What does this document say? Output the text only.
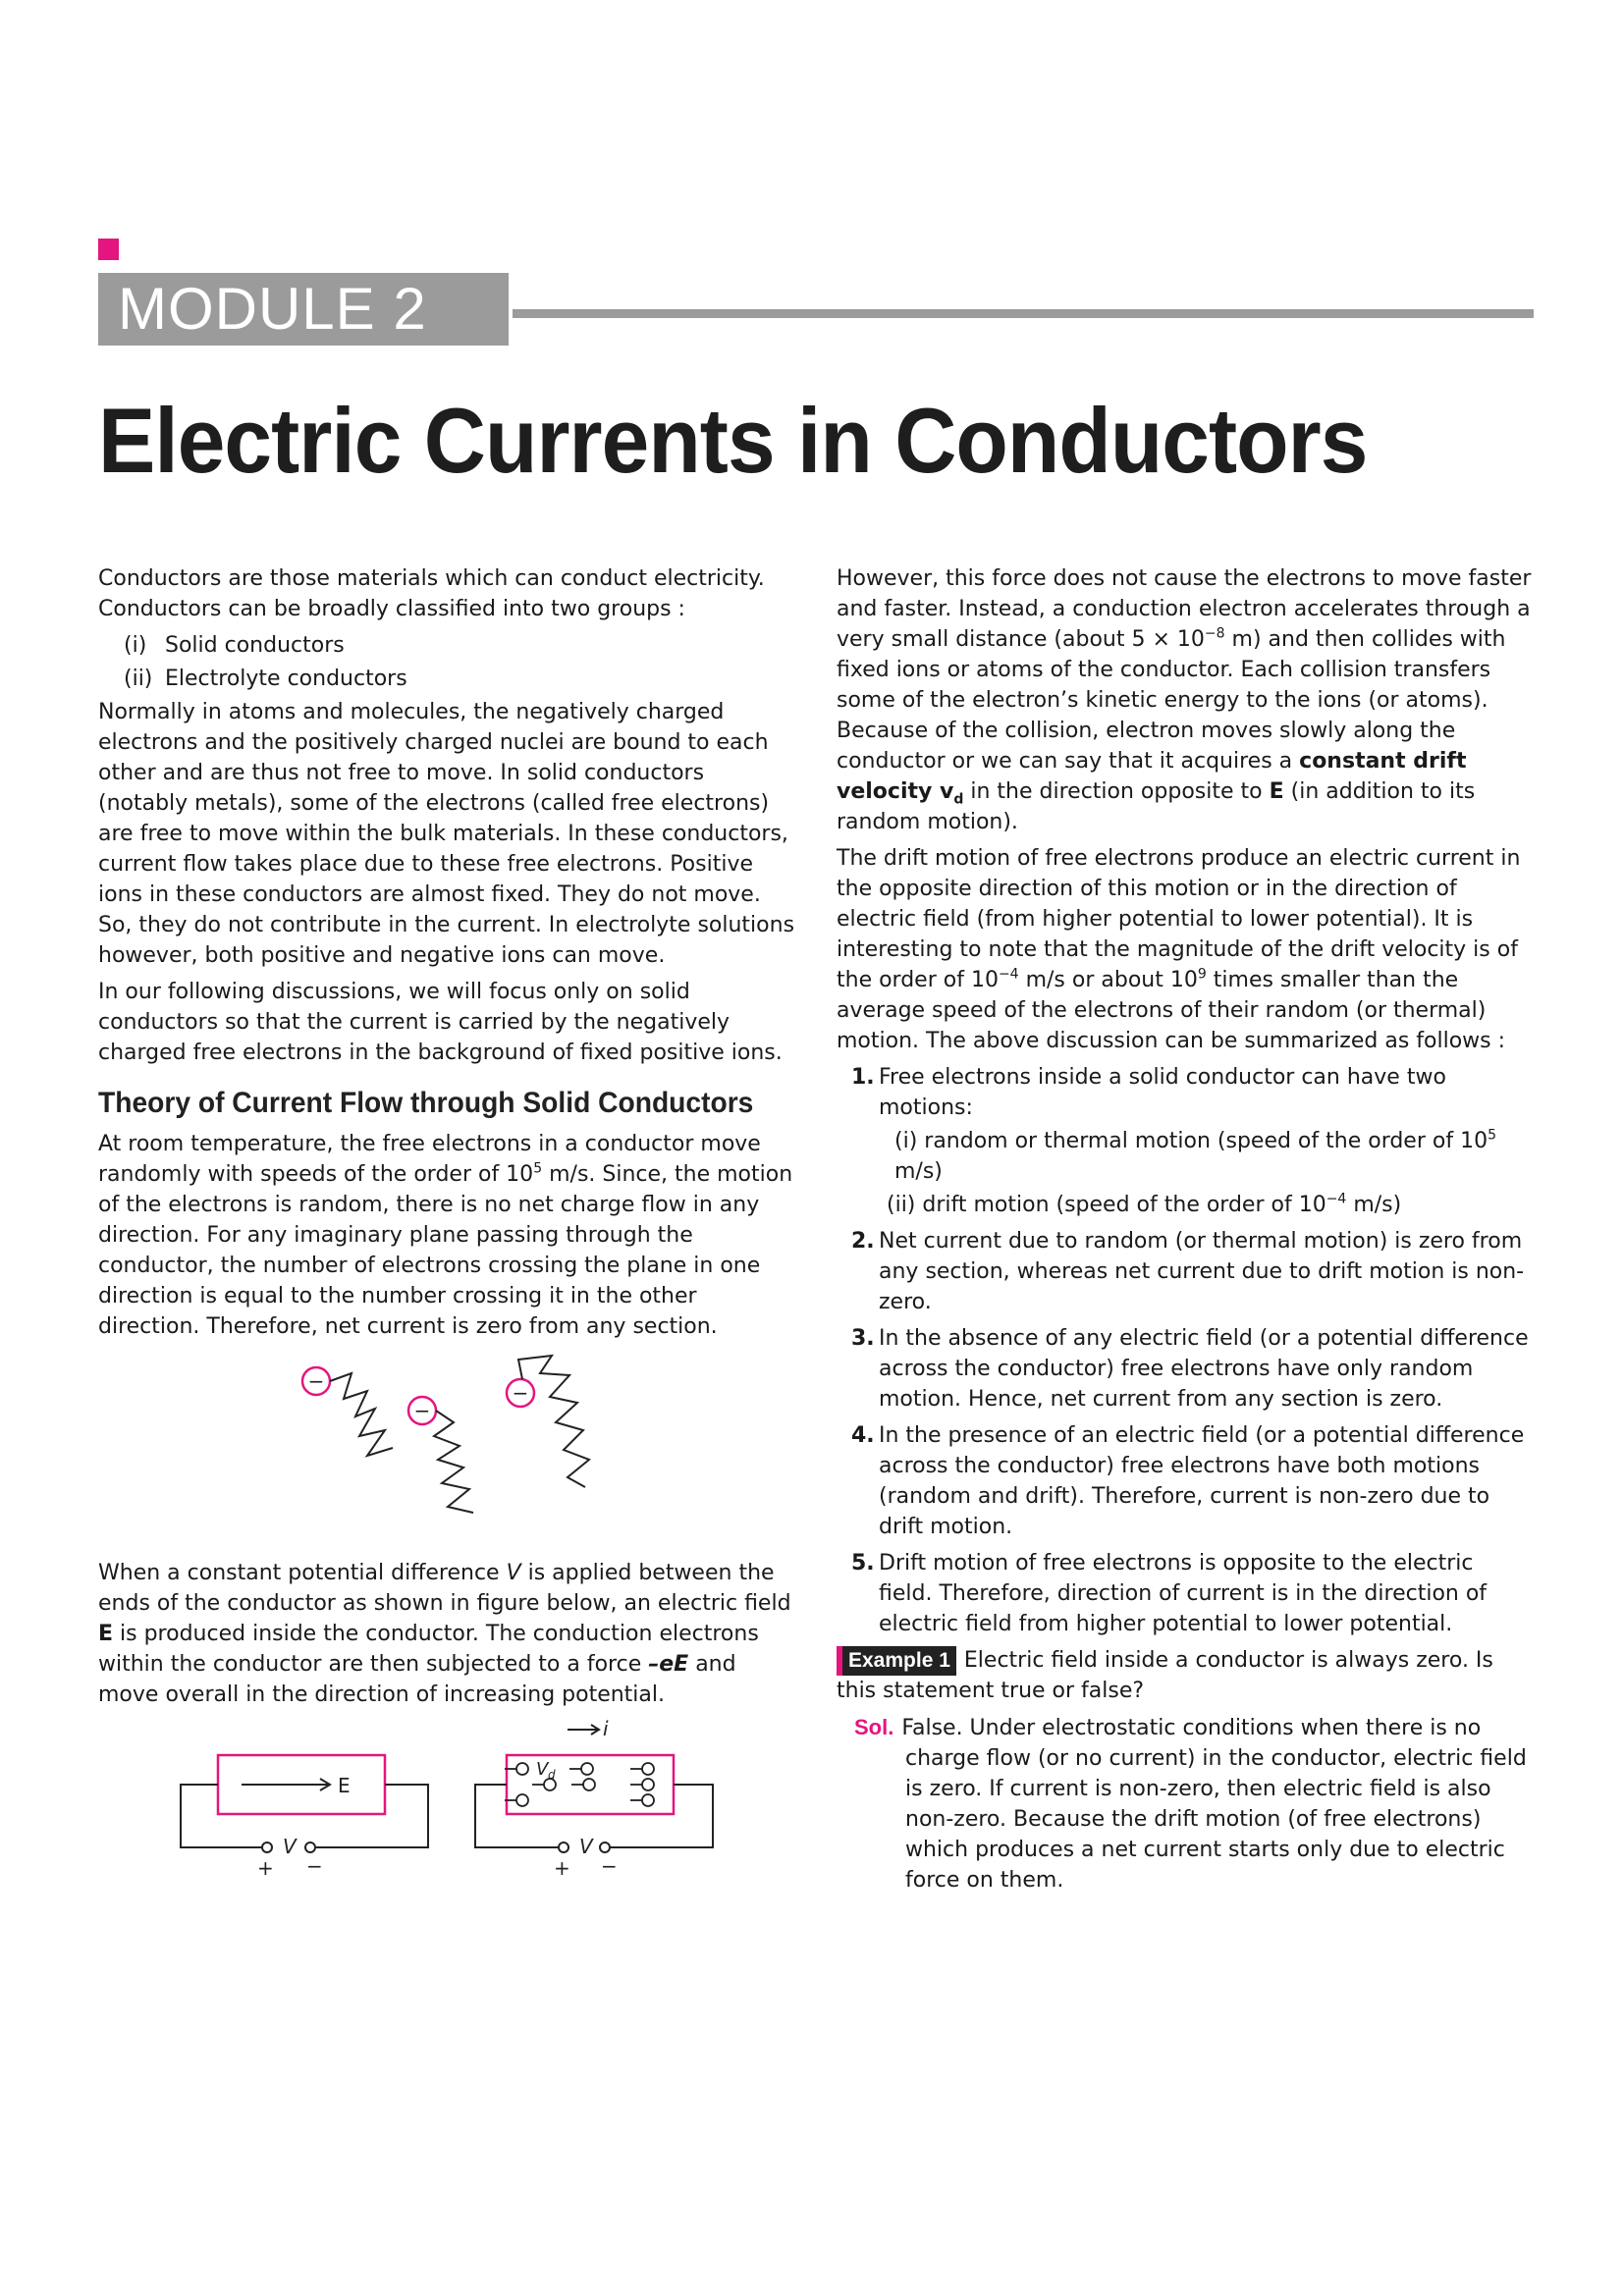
MODULE 2
Electric Currents in Conductors

Conductors are those materials which can conduct electricity. Conductors can be broadly classified into two groups :

(i) Solid conductors
(ii) Electrolyte conductors

Normally in atoms and molecules, the negatively charged electrons and the positively charged nuclei are bound to each other and are thus not free to move. In solid conductors (notably metals), some of the electrons (called free electrons) are free to move within the bulk materials. In these conductors, current flow takes place due to these free electrons. Positive ions in these conductors are almost fixed. They do not move. So, they do not contribute in the current. In electrolyte solutions however, both positive and negative ions can move.

In our following discussions, we will focus only on solid conductors so that the current is carried by the negatively charged free electrons in the background of fixed positive ions.

Theory of Current Flow through Solid Conductors

At room temperature, the free electrons in a conductor move randomly with speeds of the order of $10^5$ m/s. Since, the motion of the electrons is random, there is no net charge flow in any direction. For any imaginary plane passing through the conductor, the number of electrons crossing the plane in one direction is equal to the number crossing it in the other direction. Therefore, net current is zero from any section.

−
−
−

When a constant potential difference V is applied between the ends of the conductor as shown in figure below, an electric field E is produced inside the conductor. The conduction electrons within the conductor are then subjected to a force –eE and move overall in the direction of increasing potential.

E
V
+ −
V
+ −
i
V d

However, this force does not cause the electrons to move faster and faster. Instead, a conduction electron accelerates through a very small distance (about $5 \times 10^{-8}$ m) and then collides with fixed ions or atoms of the conductor. Each collision transfers some of the electron’s kinetic energy to the ions (or atoms). Because of the collision, electron moves slowly along the conductor or we can say that it acquires a constant drift velocity $v_d$ in the direction opposite to E (in addition to its random motion).

The drift motion of free electrons produce an electric current in the opposite direction of this motion or in the direction of electric field (from higher potential to lower potential). It is interesting to note that the magnitude of the drift velocity is of the order of $10^{-4}$ m/s or about $10^9$ times smaller than the average speed of the electrons of their random (or thermal) motion. The above discussion can be summarized as follows :

1. Free electrons inside a solid conductor can have two motions:
(i) random or thermal motion (speed of the order of $10^5$ m/s)
(ii) drift motion (speed of the order of $10^{-4}$ m/s)
2. Net current due to random (or thermal motion) is zero from any section, whereas net current due to drift motion is non-zero.
3. In the absence of any electric field (or a potential difference across the conductor) free electrons have only random motion. Hence, net current from any section is zero.
4. In the presence of an electric field (or a potential difference across the conductor) free electrons have both motions (random and drift). Therefore, current is non-zero due to drift motion.
5. Drift motion of free electrons is opposite to the electric field. Therefore, direction of current is in the direction of electric field from higher potential to lower potential.
Example 1 Electric field inside a conductor is always zero. Is this statement true or false?

Sol. False. Under electrostatic conditions when there is no charge flow (or no current) in the conductor, electric field is zero. If current is non-zero, then electric field is also non-zero. Because the drift motion (of free electrons) which produces a net current starts only due to electric force on them.
